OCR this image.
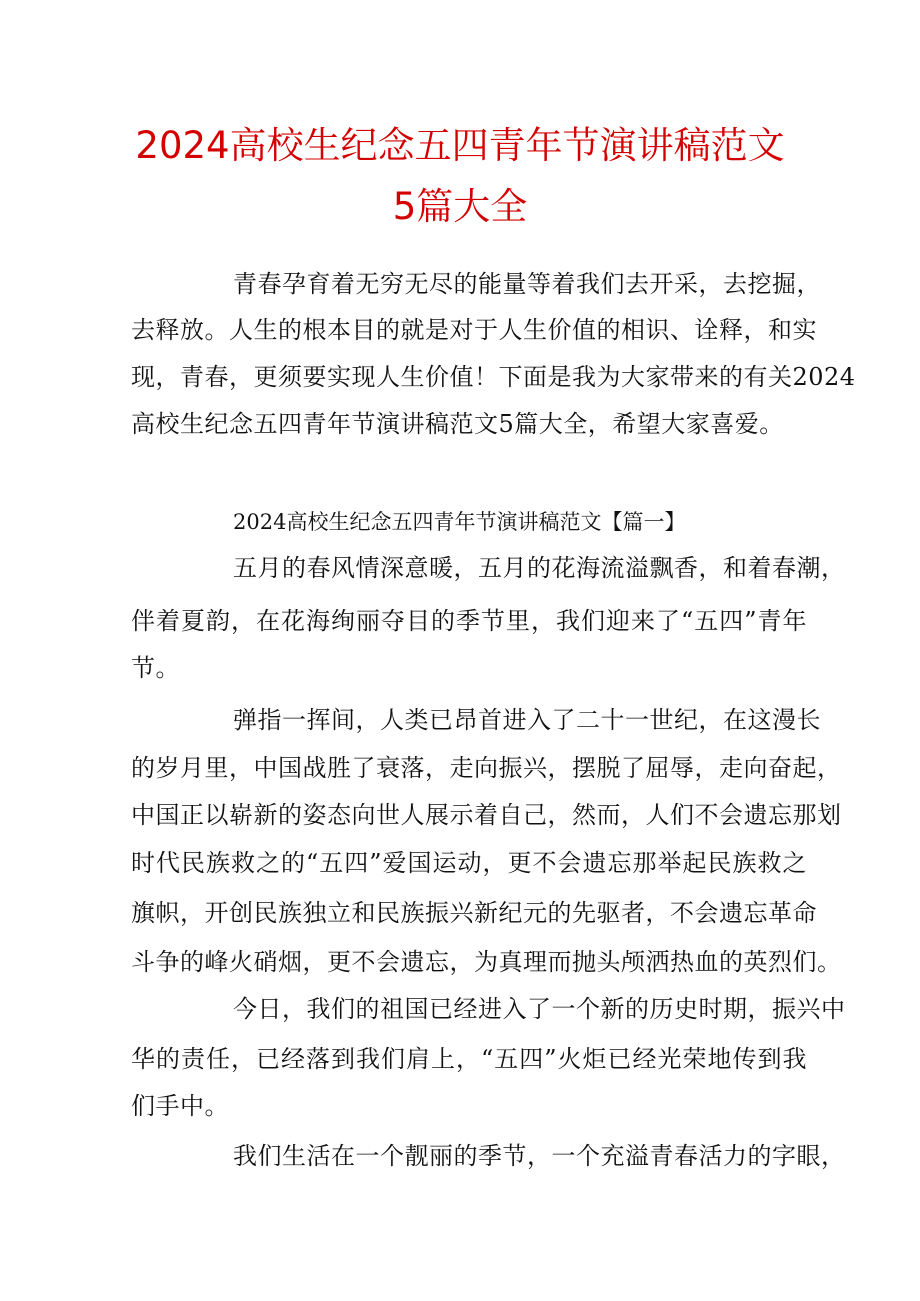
2024高校生纪念五四青年节演讲稿范文
5篇大全
青春孕育着无穷无尽的能量等着我们去开采，去挖掘，
去释放。人生的根本目的就是对于人生价值的相识、诠释，和实
现，青春，更须要实现人生价值！下面是我为大家带来的有关2024
高校生纪念五四青年节演讲稿范文5篇大全，希望大家喜爱。
2024高校生纪念五四青年节演讲稿范文【篇一】
五月的春风情深意暖，五月的花海流溢飘香，和着春潮，
伴着夏韵，在花海绚丽夺目的季节里，我们迎来了“五四”青年
节。
弹指一挥间，人类已昂首进入了二十一世纪，在这漫长
的岁月里，中国战胜了衰落，走向振兴，摆脱了屈辱，走向奋起，
中国正以崭新的姿态向世人展示着自己，然而，人们不会遗忘那划
时代民族救之的“五四”爱国运动，更不会遗忘那举起民族救之
旗帜，开创民族独立和民族振兴新纪元的先驱者，不会遗忘革命
斗争的峰火硝烟，更不会遗忘，为真理而抛头颅洒热血的英烈们。
今日，我们的祖国已经进入了一个新的历史时期，振兴中
华的责任，已经落到我们肩上，“五四”火炬已经光荣地传到我
们手中。
我们生活在一个靓丽的季节，一个充溢青春活力的字眼，
